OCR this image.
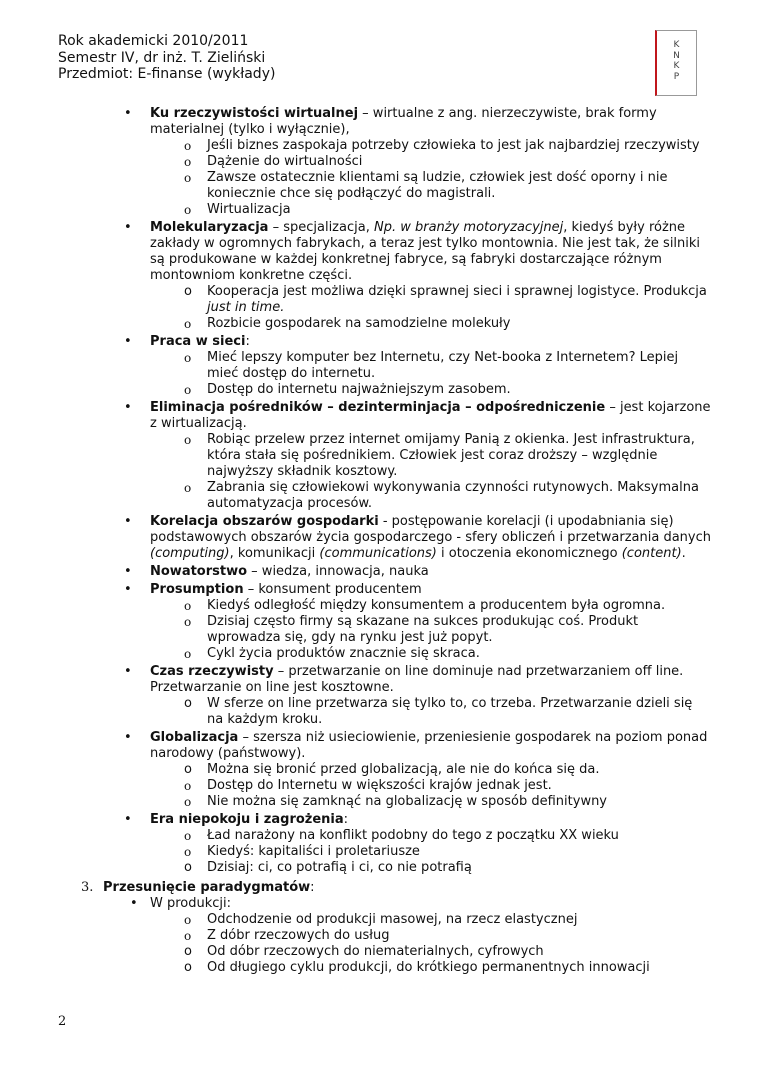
Rok akademicki 2010/2011
Semestr IV, dr inż. T. Zieliński
Przedmiot: E-finanse (wykłady)
K
N
K
P
• Ku rzeczywistości wirtualnej – wirtualne z ang. nierzeczywiste, brak formy
materialnej (tylko i wyłącznie),
o Jeśli biznes zaspokaja potrzeby człowieka to jest jak najbardziej rzeczywisty
o Dążenie do wirtualności
o Zawsze ostatecznie klientami są ludzie, człowiek jest dość oporny i nie
koniecznie chce się podłączyć do magistrali.
o Wirtualizacja
• Molekularyzacja – specjalizacja, Np. w branży motoryzacyjnej, kiedyś były różne
zakłady w ogromnych fabrykach, a teraz jest tylko montownia. Nie jest tak, że silniki
są produkowane w każdej konkretnej fabryce, są fabryki dostarczające różnym
montowniom konkretne części.
o Kooperacja jest możliwa dzięki sprawnej sieci i sprawnej logistyce. Produkcja
just in time.
o Rozbicie gospodarek na samodzielne molekuły
• Praca w sieci:
o Mieć lepszy komputer bez Internetu, czy Net-booka z Internetem? Lepiej
mieć dostęp do internetu.
o Dostęp do internetu najważniejszym zasobem.
• Eliminacja pośredników – dezinterminjacja – odpośredniczenie – jest kojarzone
z wirtualizacją.
o Robiąc przelew przez internet omijamy Panią z okienka. Jest infrastruktura,
która stała się pośrednikiem. Człowiek jest coraz droższy – względnie
najwyższy składnik kosztowy.
o Zabrania się człowiekowi wykonywania czynności rutynowych. Maksymalna
automatyzacja procesów.
• Korelacja obszarów gospodarki - postępowanie korelacji (i upodabniania się)
podstawowych obszarów życia gospodarczego - sfery obliczeń i przetwarzania danych
(computing), komunikacji (communications) i otoczenia ekonomicznego (content).
• Nowatorstwo – wiedza, innowacja, nauka
• Prosumption – konsument producentem
o Kiedyś odległość między konsumentem a producentem była ogromna.
o Dzisiaj często firmy są skazane na sukces produkując coś. Produkt
wprowadza się, gdy na rynku jest już popyt.
o Cykl życia produktów znacznie się skraca.
• Czas rzeczywisty – przetwarzanie on line dominuje nad przetwarzaniem off line.
Przetwarzanie on line jest kosztowne.
o W sferze on line przetwarza się tylko to, co trzeba. Przetwarzanie dzieli się
na każdym kroku.
• Globalizacja – szersza niż usieciowienie, przeniesienie gospodarek na poziom ponad
narodowy (państwowy).
o Można się bronić przed globalizacją, ale nie do końca się da.
o Dostęp do Internetu w większości krajów jednak jest.
o Nie można się zamknąć na globalizację w sposób definitywny
• Era niepokoju i zagrożenia:
o Ład narażony na konflikt podobny do tego z początku XX wieku
o Kiedyś: kapitaliści i proletariusze
o Dzisiaj: ci, co potrafią i ci, co nie potrafią
3. Przesunięcie paradygmatów:
• W produkcji:
o Odchodzenie od produkcji masowej, na rzecz elastycznej
o Z dóbr rzeczowych do usług
o Od dóbr rzeczowych do niematerialnych, cyfrowych
o Od długiego cyklu produkcji, do krótkiego permanentnych innowacji
2
